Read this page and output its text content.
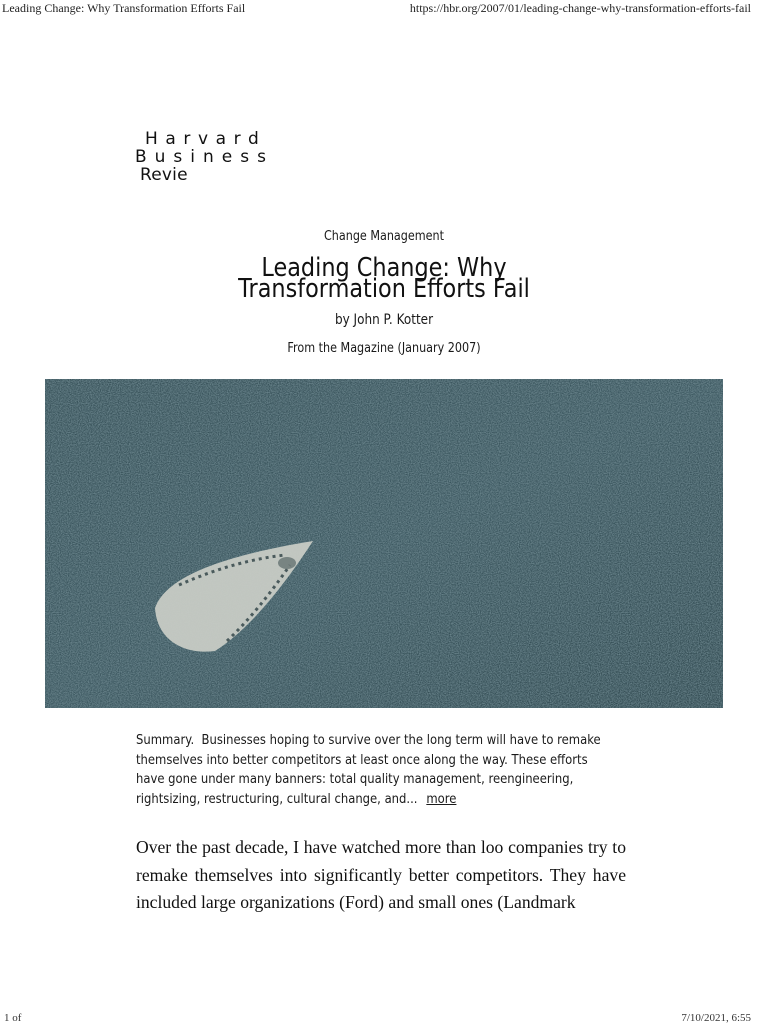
Leading Change: Why Transformation Efforts Fail	https://hbr.org/2007/01/leading-change-why-transformation-efforts-fail
Harvard
Business
Revie
Change Management
Leading Change: Why Transformation Efforts Fail
by John P. Kotter
From the Magazine (January 2007)

Summary. Businesses hoping to survive over the long term will have to remake themselves into better competitors at least once along the way. These efforts have gone under many banners: total quality management, reengineering, rightsizing, restructuring, cultural change, and... more

Over the past decade, I have watched more than loo companies try to remake themselves into significantly better competitors. They have included large organizations (Ford) and small ones (Landmark

1 of	7/10/2021, 6:55
